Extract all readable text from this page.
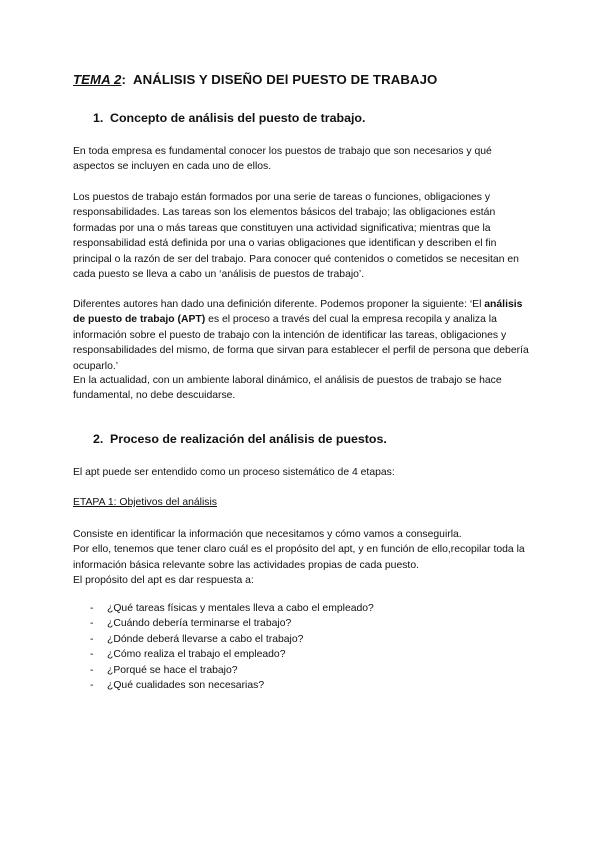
TEMA 2: ANÁLISIS Y DISEÑO DEl PUESTO DE TRABAJO
1. Concepto de análisis del puesto de trabajo.

En toda empresa es fundamental conocer los puestos de trabajo que son necesarios y qué aspectos se incluyen en cada uno de ellos.

Los puestos de trabajo están formados por una serie de tareas o funciones, obligaciones y responsabilidades. Las tareas son los elementos básicos del trabajo; las obligaciones están formadas por una o más tareas que constituyen una actividad significativa; mientras que la responsabilidad está definida por una o varias obligaciones que identifican y describen el fin principal o la razón de ser del trabajo. Para conocer qué contenidos o cometidos se necesitan en cada puesto se lleva a cabo un ‘análisis de puestos de trabajo’.

Diferentes autores han dado una definición diferente. Podemos proponer la siguiente: ‘El análisis de puesto de trabajo (APT) es el proceso a través del cual la empresa recopila y analiza la información sobre el puesto de trabajo con la intención de identificar las tareas, obligaciones y responsabilidades del mismo, de forma que sirvan para establecer el perfil de persona que debería ocuparlo.’

En la actualidad, con un ambiente laboral dinámico, el análisis de puestos de trabajo se hace fundamental, no debe descuidarse.

2. Proceso de realización del análisis de puestos.

El apt puede ser entendido como un proceso sistemático de 4 etapas:

ETAPA 1: Objetivos del análisis

Consiste en identificar la información que necesitamos y cómo vamos a conseguirla.
Por ello, tenemos que tener claro cuál es el propósito del apt, y en función de ello,recopilar toda la información básica relevante sobre las actividades propias de cada puesto.
El propósito del apt es dar respuesta a:

-	¿Qué tareas físicas y mentales lleva a cabo el empleado?
-	¿Cuándo debería terminarse el trabajo?
-	¿Dónde deberá llevarse a cabo el trabajo?
-	¿Cómo realiza el trabajo el empleado?
-	¿Porqué se hace el trabajo?
-	¿Qué cualidades son necesarias?
